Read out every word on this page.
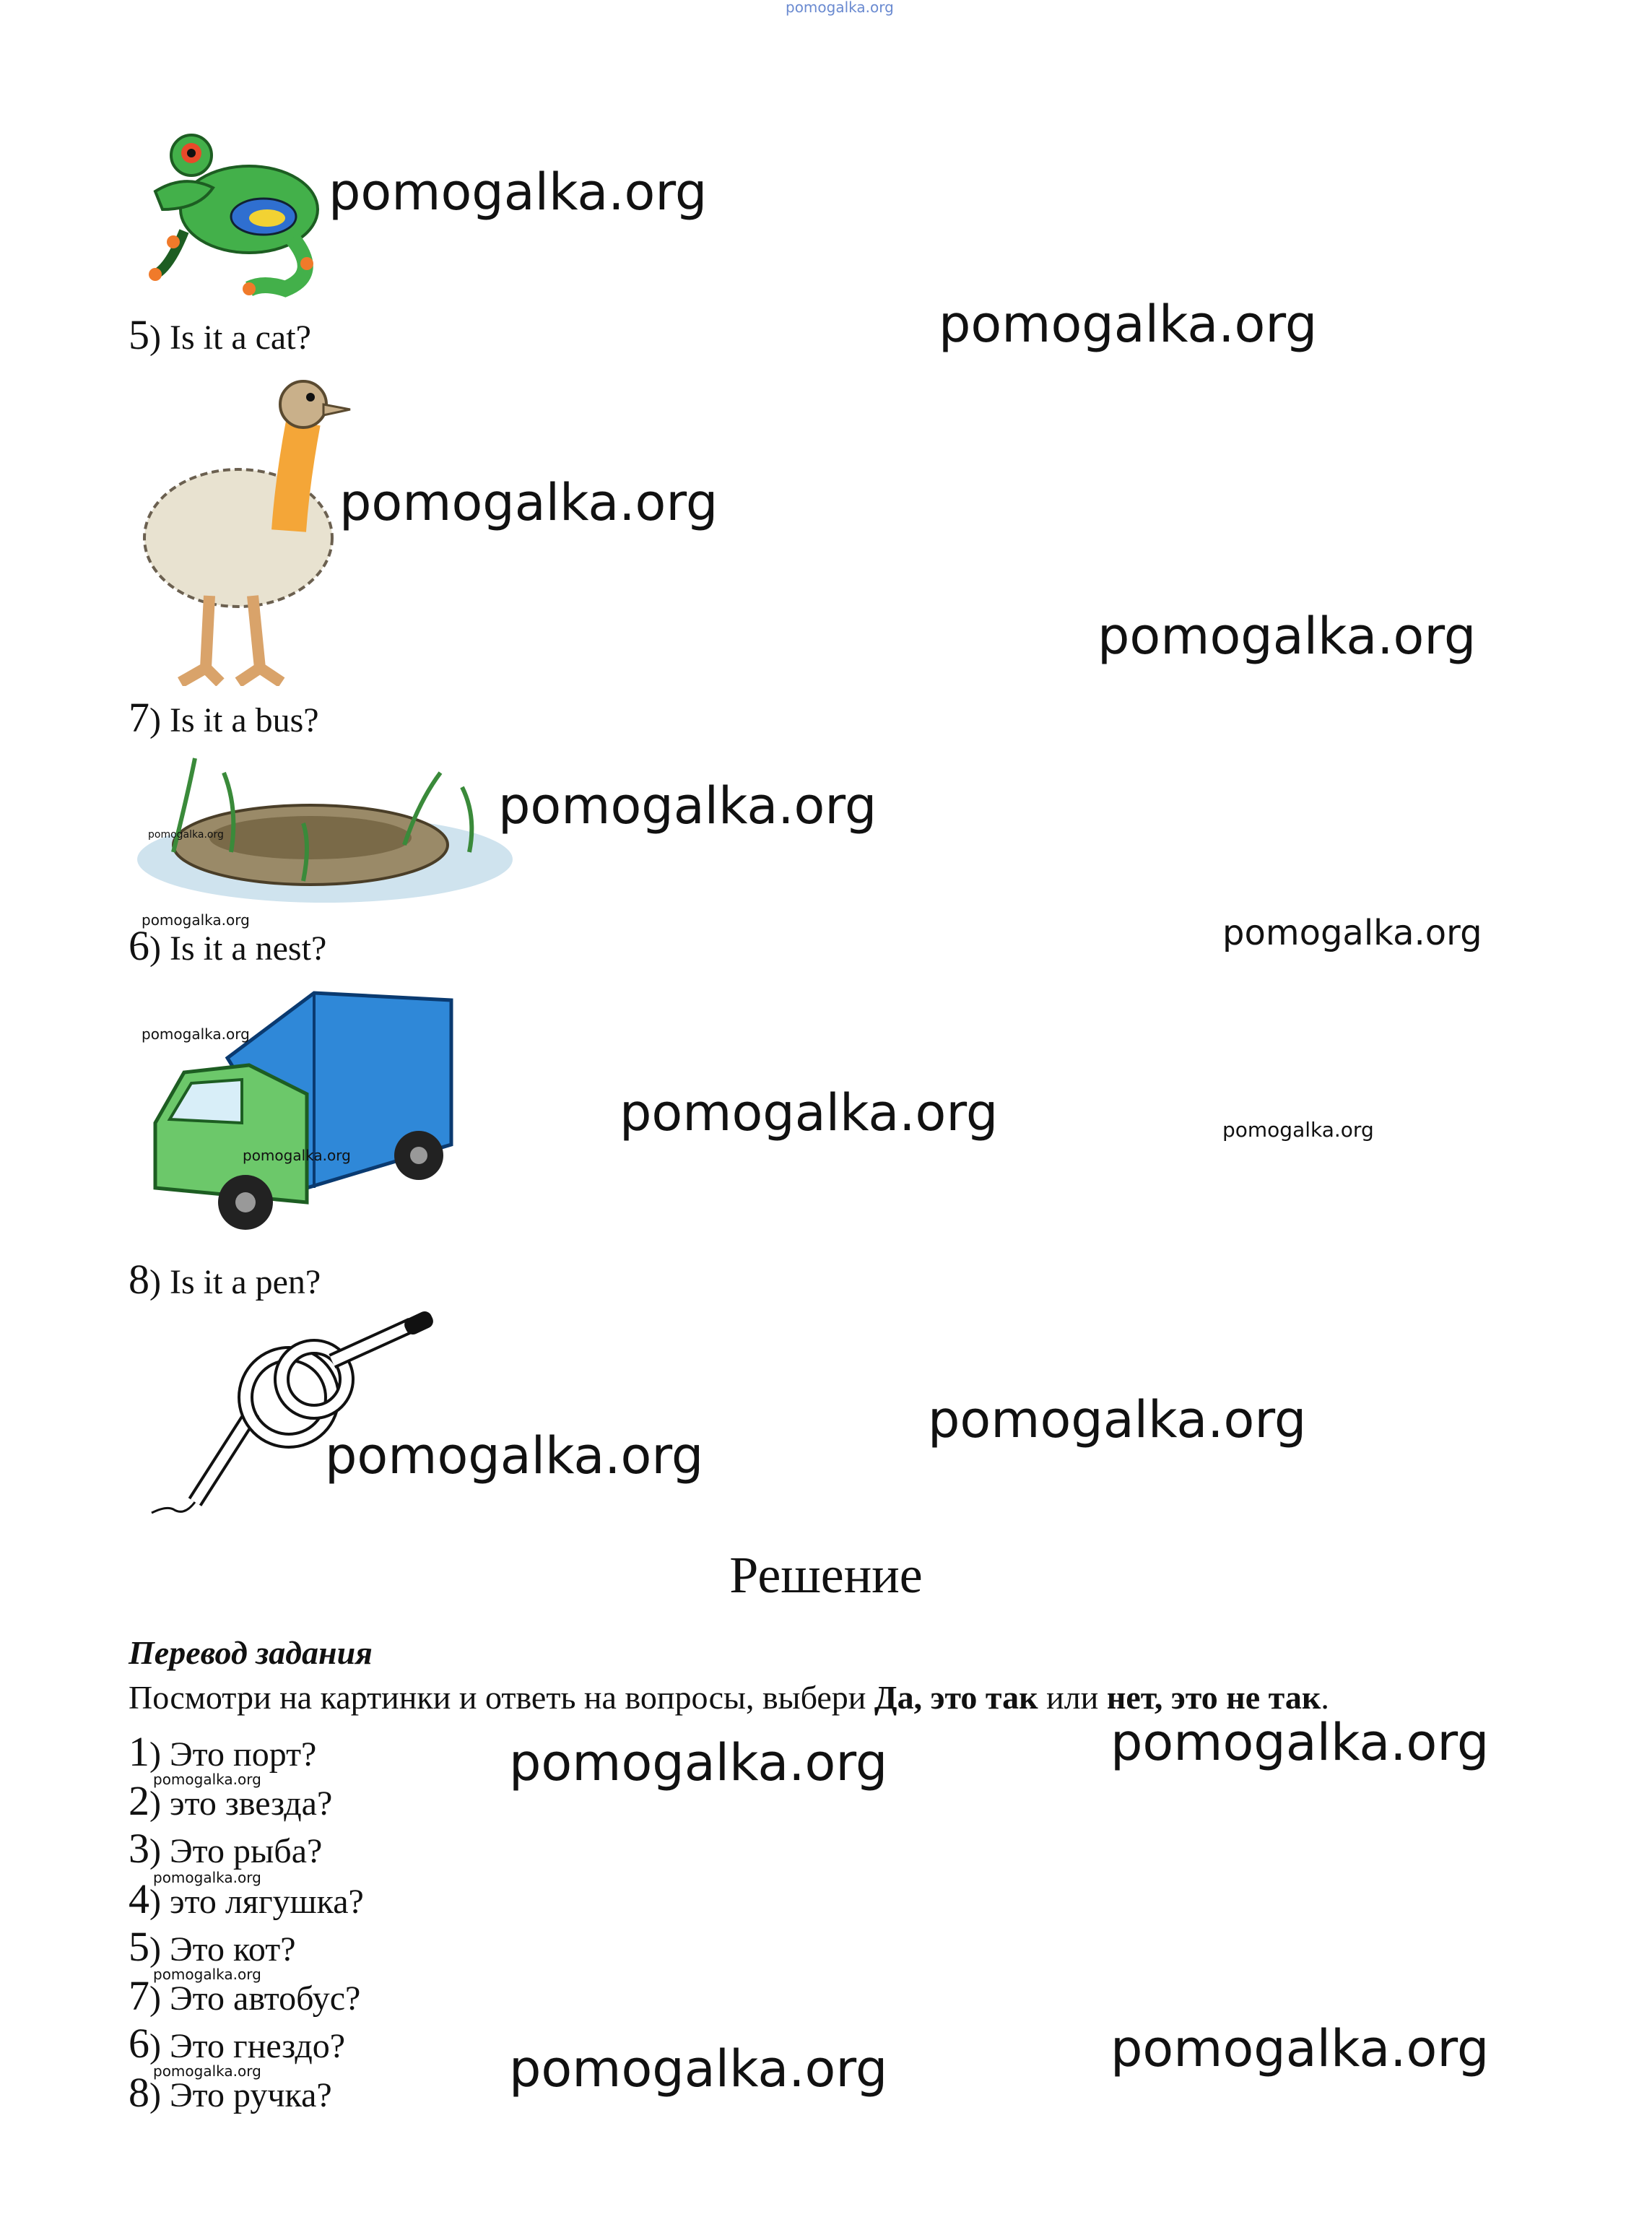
pomogalka.org
pomogalka.org
5) Is it a cat?	pomogalka.org
pomogalka.org
pomogalka.org
7) Is it a bus?
pomogalka.org	pomogalka.org
pomogalka.org
6) Is it a nest?	pomogalka.org
pomogalka.org
pomogalka.org
pomogalka.org	pomogalka.org
8) Is it a pen?
pomogalka.org
pomogalka.org
Решение
Перевод задания
Посмотри на картинки и ответь на вопросы, выбери Да, это так или нет, это не так.
1) Это порт?
pomogalka.org
2) это звезда?
3) Это рыба?
pomogalka.org
4) это лягушка?
5) Это кот?
pomogalka.org
7) Это автобус?
6) Это гнездо?
pomogalka.org
8) Это ручка?
pomogalka.org	pomogalka.org
pomogalka.org	pomogalka.org
